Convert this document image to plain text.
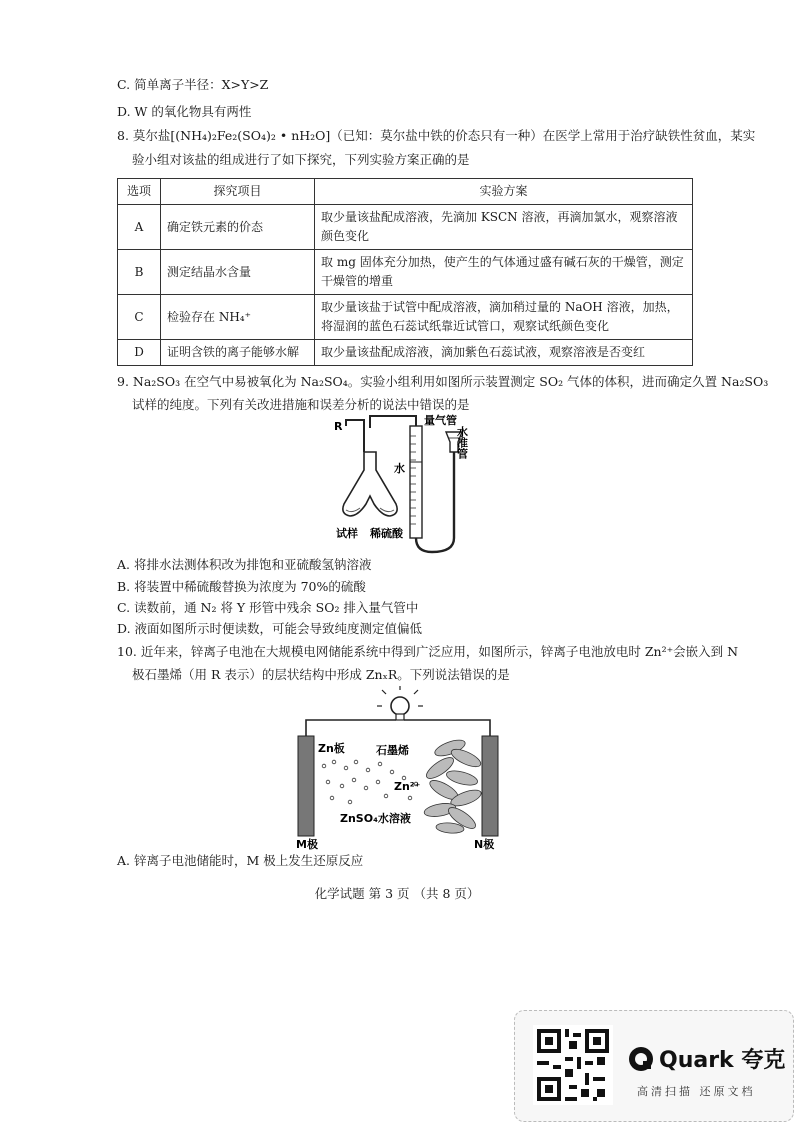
C. 简单离子半径：X>Y>Z
D. W 的氧化物具有两性
8. 莫尔盐[(NH₄)₂Fe₂(SO₄)₂ • nH₂O]（已知：莫尔盐中铁的价态只有一种）在医学上常用于治疗缺铁性贫血，某实
验小组对该盐的组成进行了如下探究，下列实验方案正确的是
选项	探究项目	实验方案
A	确定铁元素的价态	取少量该盐配成溶液，先滴加 KSCN 溶液，再滴加氯水，观察溶液颜色变化
B	测定结晶水含量	取 mg 固体充分加热，使产生的气体通过盛有碱石灰的干燥管，测定干燥管的增重
C	检验存在 NH₄⁺	取少量该盐于试管中配成溶液，滴加稍过量的 NaOH 溶液，加热，将湿润的蓝色石蕊试纸靠近试管口，观察试纸颜色变化
D	证明含铁的离子能够水解	取少量该盐配成溶液，滴加紫色石蕊试液，观察溶液是否变红
9. Na₂SO₃ 在空气中易被氧化为 Na₂SO₄。实验小组利用如图所示装置测定 SO₂ 气体的体积，进而确定久置 Na₂SO₃
试样的纯度。下列有关改进措施和误差分析的说法中错误的是
R	量气管
水
水准管
试样 稀硫酸
A. 将排水法测体积改为排饱和亚硫酸氢钠溶液
B. 将装置中稀硫酸替换为浓度为 70%的硫酸
C. 读数前，通 N₂ 将 Y 形管中残余 SO₂ 排入量气管中
D. 液面如图所示时便读数，可能会导致纯度测定值偏低
10. 近年来，锌离子电池在大规模电网储能系统中得到广泛应用，如图所示，锌离子电池放电时 Zn²⁺会嵌入到 N
极石墨烯（用 R 表示）的层状结构中形成 ZnₓR。下列说法错误的是
Zn板	石墨烯
Zn²⁺
ZnSO₄水溶液
M极	N极
A. 锌离子电池储能时，M 极上发生还原反应
化学试题 第 3 页 （共 8 页）
Quark 夸克
高清扫描 还原文档
